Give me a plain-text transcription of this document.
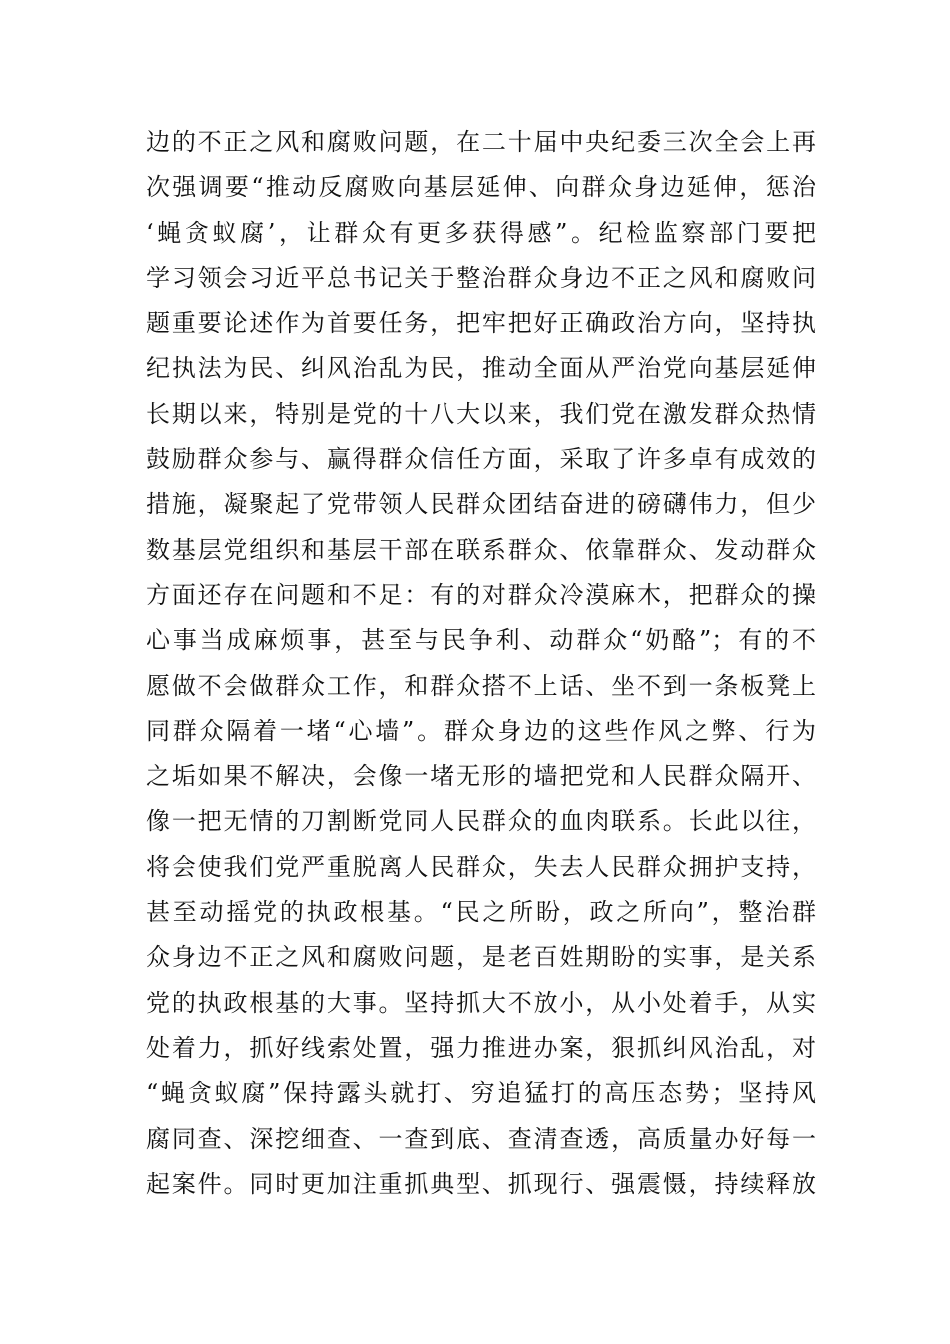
边的不正之风和腐败问题，在二十届中央纪委三次全会上再
次强调要“推动反腐败向基层延伸、向群众身边延伸，惩治
‘蝇贪蚁腐’，让群众有更多获得感”。纪检监察部门要把
学习领会习近平总书记关于整治群众身边不正之风和腐败问
题重要论述作为首要任务，把牢把好正确政治方向，坚持执
纪执法为民、纠风治乱为民，推动全面从严治党向基层延伸
长期以来，特别是党的十八大以来，我们党在激发群众热情
鼓励群众参与、赢得群众信任方面，采取了许多卓有成效的
措施，凝聚起了党带领人民群众团结奋进的磅礴伟力，但少
数基层党组织和基层干部在联系群众、依靠群众、发动群众
方面还存在问题和不足：有的对群众冷漠麻木，把群众的操
心事当成麻烦事，甚至与民争利、动群众“奶酪”；有的不
愿做不会做群众工作，和群众搭不上话、坐不到一条板凳上
同群众隔着一堵“心墙”。群众身边的这些作风之弊、行为
之垢如果不解决，会像一堵无形的墙把党和人民群众隔开、
像一把无情的刀割断党同人民群众的血肉联系。长此以往，
将会使我们党严重脱离人民群众，失去人民群众拥护支持，
甚至动摇党的执政根基。“民之所盼，政之所向”，整治群
众身边不正之风和腐败问题，是老百姓期盼的实事，是关系
党的执政根基的大事。坚持抓大不放小，从小处着手，从实
处着力，抓好线索处置，强力推进办案，狠抓纠风治乱，对
“蝇贪蚁腐”保持露头就打、穷追猛打的高压态势；坚持风
腐同查、深挖细查、一查到底、查清查透，高质量办好每一
起案件。同时更加注重抓典型、抓现行、强震慑，持续释放
